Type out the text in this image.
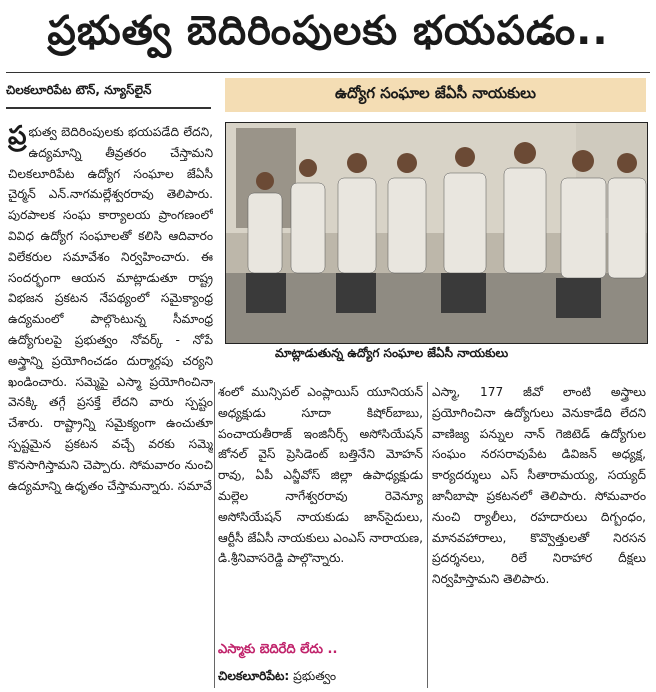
ప్రభుత్వ బెదిరింపులకు భయపడం..
చిలకలూరిపేట టౌన్‌, న్యూస్‌లైన్‌	ఉద్యోగ సంఘాల జేఏసీ నాయకులు
మాట్లాడుతున్న ఉద్యోగ సంఘాల జేఏసీ నాయకులు

ప్ర భుత్వ బెదిరింపులకు భయపడేది లేదని, ఉద్యమాన్ని తీవ్రతరం చేస్తామని చిలకలూరిపేట ఉద్యోగ సంఘాల జేఏసీ చైర్మన్ ఎన్.నాగమల్లేశ్వరరావు తెలిపారు. పురపాలక సంఘ కార్యాలయ ప్రాంగణంలో వివిధ ఉద్యోగ సంఘాలతో కలిసి ఆదివారం విలేకరుల సమావేశం నిర్వహించారు. ఈ సందర్భంగా ఆయన మాట్లాడుతూ రాష్ట్ర విభజన ప్రకటన నేపథ్యంలో సమైక్యాంధ్ర ఉద్యమంలో పాల్గొంటున్న సీమాంధ్ర ఉద్యోగులపై ప్రభుత్వం నోవర్క్ - నోపే అస్త్రాన్ని ప్రయోగించడం దుర్మార్గపు చర్యని ఖండించారు. సమ్మెపై ఎస్మా ప్రయోగించినా వెనక్కి తగ్గే ప్రసక్తే లేదని వారు స్పష్టం చేశారు. రాష్ట్రాన్ని సమైక్యంగా ఉంచుతూ స్పష్టమైన ప్రకటన వచ్చే వరకు సమ్మె కొనసాగిస్తామని చెప్పారు. సోమవారం నుంచి ఉద్యమాన్ని ఉధృతం చేస్తామన్నారు. సమావే

శంలో మున్సిపల్ ఎంప్లాయిస్ యూనియన్ అధ్యక్షుడు సూదా కిషోర్‌బాబు, పంచాయతీరాజ్ ఇంజినీర్స్ అసోసియేషన్ జోనల్ వైస్ ప్రెసిడెంట్ బత్తినేని మోహన్ రావు, ఏపీ ఎన్జీవోస్ జిల్లా ఉపాధ్యక్షుడు మల్లెల నాగేశ్వరరావు రెవెన్యూ అసోసియేషన్ నాయకుడు జాన్‌సైదులు, ఆర్టీసీ జేఏసీ నాయకులు ఎంఎస్ నారాయణ, డి.శ్రీనివాసరెడ్డి పాల్గొన్నారు.

ఎస్మాకు బెదిరేది లేదు ..
చిలకలూరిపేట: ప్రభుత్వం

ఎస్మా, 177 జీవో లాంటి అస్త్రాలు ప్రయోగించినా ఉద్యోగులు వెనుకాడేది లేదని వాణిజ్య పన్నుల నాన్ గెజిటెడ్ ఉద్యోగుల సంఘం నరసరావుపేట డివిజన్ అధ్యక్ష, కార్యదర్శులు ఎస్ సీతారామయ్య, సయ్యద్ జానీబాషా ప్రకటనలో తెలిపారు. సోమవారం నుంచి ర్యాలీలు, రహదారులు దిగ్బంధం, మానవహారాలు, కొవ్వొత్తులతో నిరసన ప్రదర్శనలు, రిలే నిరాహార దీక్షలు నిర్వహిస్తామని తెలిపారు.
